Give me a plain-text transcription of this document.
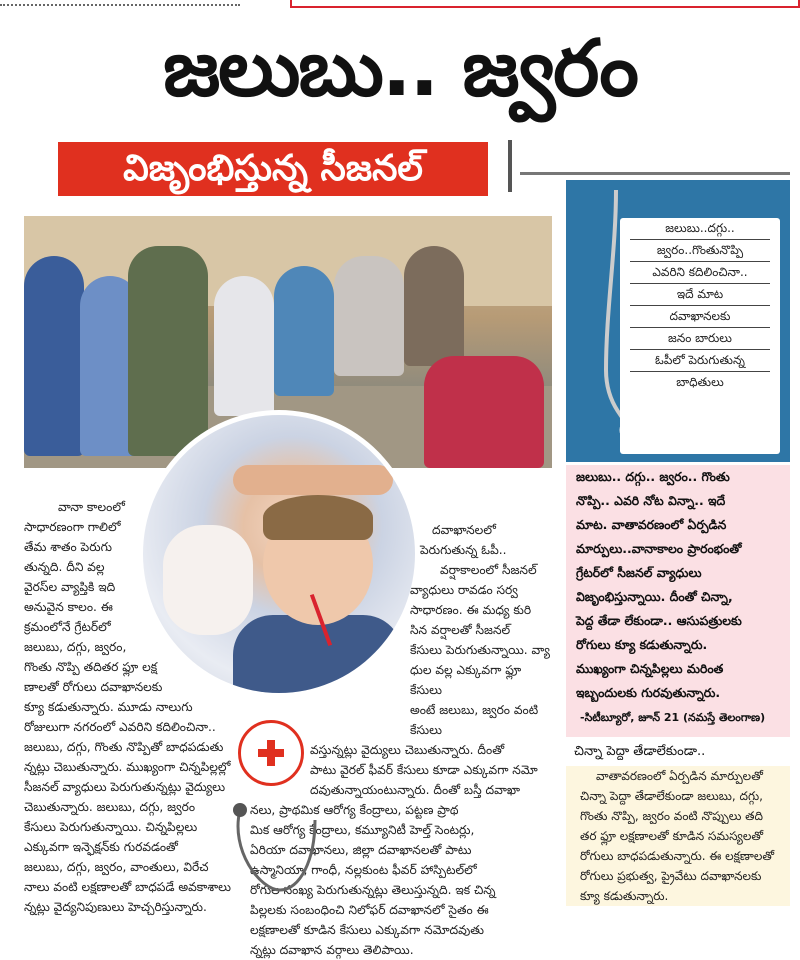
జలుబు.. జ్వరం
విజృంభిస్తున్న సీజనల్
వానా కాలంలో
సాధారణంగా గాలిలో
తేమ శాతం పెరుగు
తున్నది. దీని వల్ల
వైరస్‌ల వ్యాప్తికి ఇది
అనువైన కాలం. ఈ
క్రమంలోనే గ్రేటర్‌లో
జలుబు, దగ్గు, జ్వరం,
గొంతు నొప్పి తదితర ఫ్లూ లక్ష
ణాలతో రోగులు దవాఖానలకు
క్యూ కడుతున్నారు. మూడు నాలుగు
రోజులుగా నగరంలో ఎవరిని కదిలించినా..
జలుబు, దగ్గు, గొంతు నొప్పితో బాధపడుతు
న్నట్లు చెబుతున్నారు. ముఖ్యంగా చిన్నపిల్లల్లో
సీజనల్ వ్యాధులు పెరుగుతున్నట్లు వైద్యులు
చెబుతున్నారు. జలుబు, దగ్గు, జ్వరం
కేసులు పెరుగుతున్నాయి. చిన్నపిల్లలు
ఎక్కువగా ఇన్ఫెక్షన్‌కు గురవడంతో
జలుబు, దగ్గు, జ్వరం, వాంతులు, విరేచ
నాలు వంటి లక్షణాలతో బాధపడే అవకాశాలు
న్నట్లు వైద్యనిపుణులు హెచ్చరిస్తున్నారు.
దవాఖానలలో
పెరుగుతున్న ఓపీ..
వర్షాకాలంలో సీజనల్
వ్యాధులు రావడం సర్వ
సాధారణం. ఈ మధ్య కురి
సిన వర్షాలతో సీజనల్
కేసులు పెరుగుతున్నాయి. వ్యా
ధుల వల్ల ఎక్కువగా ఫ్లూ కేసులు
అంటే జలుబు, జ్వరం వంటి కేసులు
వస్తున్నట్లు వైద్యులు చెబుతున్నారు. దీంతో
పాటు వైరల్ ఫీవర్ కేసులు కూడా ఎక్కువగా నమో
దవుతున్నాయంటున్నారు. దీంతో బస్తీ దవాఖా
నలు, ప్రాథమిక ఆరోగ్య కేంద్రాలు, పట్టణ ప్రాథ
మిక ఆరోగ్య కేంద్రాలు, కమ్యూనిటీ హెల్త్ సెంటర్లు,
ఏరియా దవాఖానలు, జిల్లా దవాఖానలతో పాటు
ఉస్మానియా, గాంధీ, నల్లకుంట ఫీవర్ హాస్పిటల్‌లో
రోగుల సంఖ్య పెరుగుతున్నట్లు తెలుస్తున్నది. ఇక చిన్న
పిల్లలకు సంబంధించి నిలోఫర్ దవాఖానలో సైతం ఈ
లక్షణాలతో కూడిన కేసులు ఎక్కువగా నమోదవుతు
న్నట్లు దవాఖాన వర్గాలు తెలిపాయి.
జలుబు..దగ్గు..
జ్వరం..గొంతునొప్పి
ఎవరిని కదిలించినా..
ఇదే మాట
దవాఖానలకు
జనం బారులు
ఓపీలో పెరుగుతున్న
బాధితులు
జలుబు.. దగ్గు.. జ్వరం.. గొంతు
నొప్పి.. ఎవరి నోట విన్నా.. ఇదే
మాట. వాతావరణంలో ఏర్పడిన
మార్పులు..వానాకాలం ప్రారంభంతో
గ్రేటర్‌లో సీజనల్ వ్యాధులు
విజృంభిస్తున్నాయి. దీంతో చిన్నా,
పెద్ద తేడా లేకుండా.. ఆసుపత్రులకు
రోగులు క్యూ కడుతున్నారు.
ముఖ్యంగా చిన్నపిల్లలు మరింత
ఇబ్బందులకు గురవుతున్నారు.
-సిటీబ్యూరో, జూన్ 21 (నమస్తే తెలంగాణ)
చిన్నా పెద్దా తేడాలేకుండా..
వాతావరణంలో ఏర్పడిన మార్పులతో
చిన్నా పెద్దా తేడాలేకుండా జలుబు, దగ్గు,
గొంతు నొప్పి, జ్వరం వంటి నొప్పులు తది
తర ఫ్లూ లక్షణాలతో కూడిన సమస్యలతో
రోగులు బాధపడుతున్నారు. ఈ లక్షణాలతో
రోగులు ప్రభుత్వ, ప్రైవేటు దవాఖానలకు
క్యూ కడుతున్నారు.
